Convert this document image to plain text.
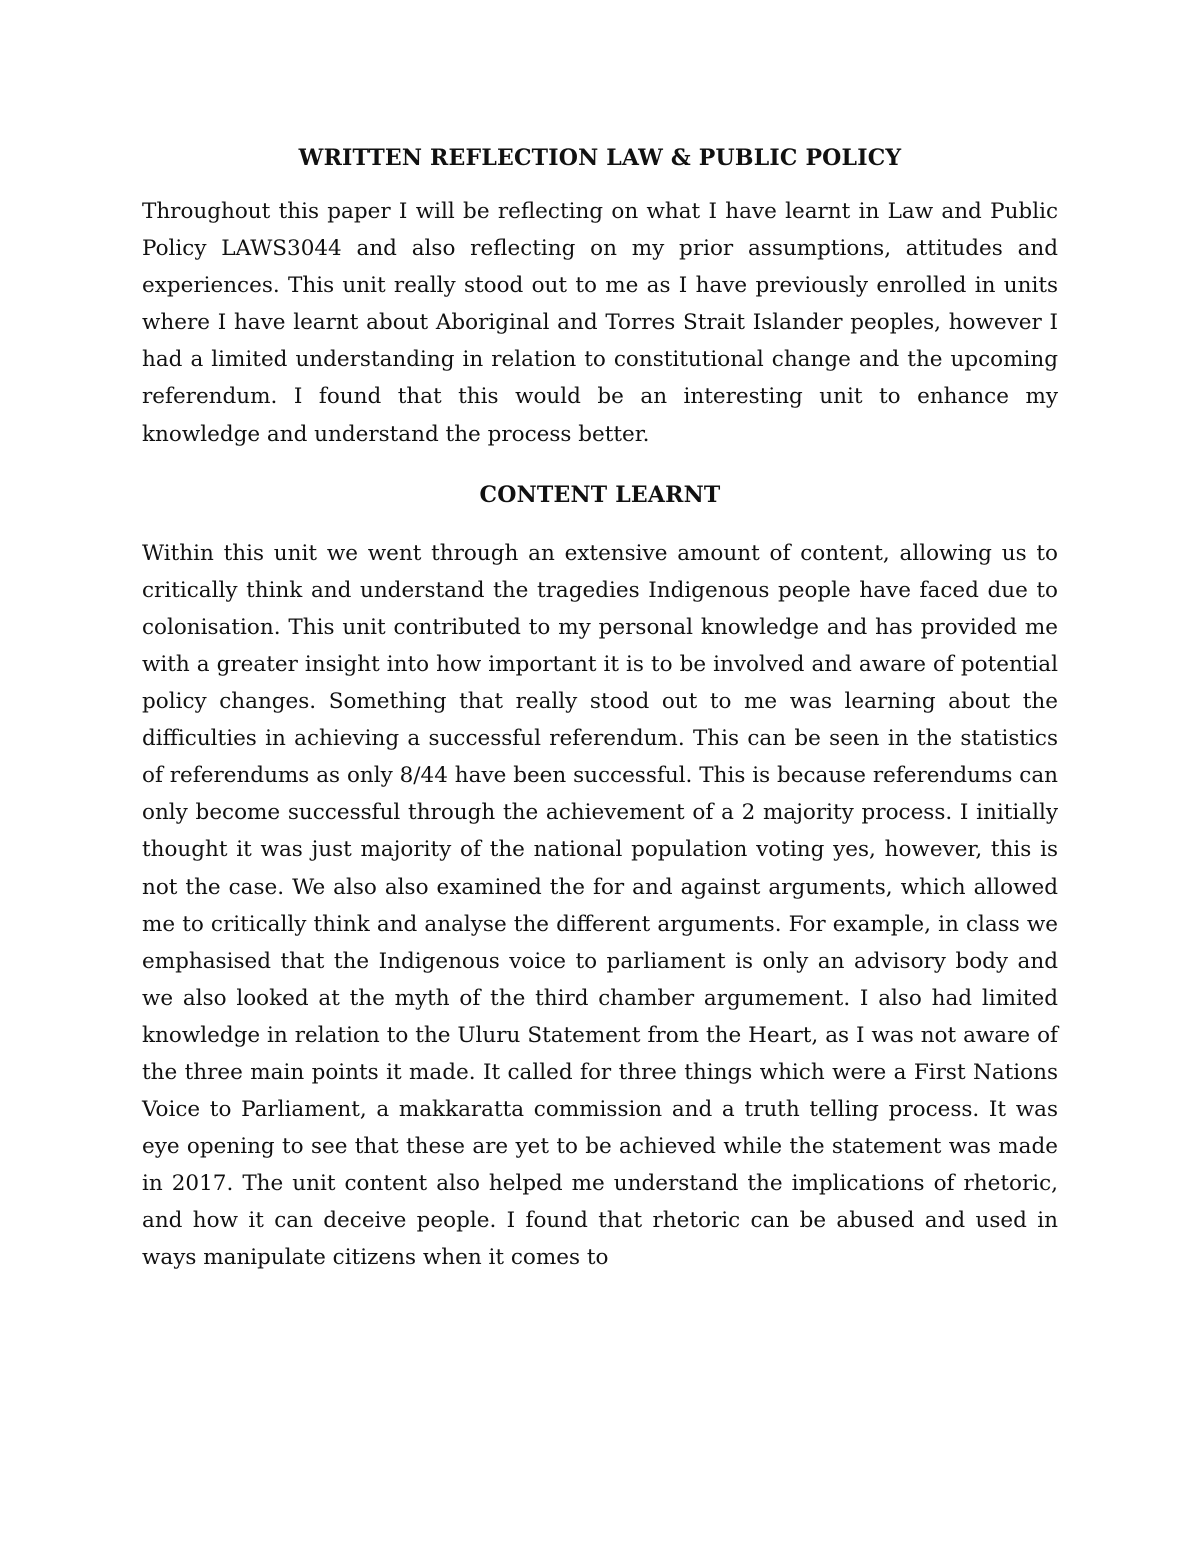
WRITTEN REFLECTION LAW & PUBLIC POLICY

Throughout this paper I will be reflecting on what I have learnt in Law and Public Policy LAWS3044 and also reflecting on my prior assumptions, attitudes and experiences. This unit really stood out to me as I have previously enrolled in units where I have learnt about Aboriginal and Torres Strait Islander peoples, however I had a limited understanding in relation to constitutional change and the upcoming referendum. I found that this would be an interesting unit to enhance my knowledge and understand the process better.

CONTENT LEARNT

Within this unit we went through an extensive amount of content, allowing us to critically think and understand the tragedies Indigenous people have faced due to colonisation. This unit contributed to my personal knowledge and has provided me with a greater insight into how important it is to be involved and aware of potential policy changes. Something that really stood out to me was learning about the difficulties in achieving a successful referendum. This can be seen in the statistics of referendums as only 8/44 have been successful. This is because referendums can only become successful through the achievement of a 2 majority process. I initially thought it was just majority of the national population voting yes, however, this is not the case. We also also examined the for and against arguments, which allowed me to critically think and analyse the different arguments. For example, in class we emphasised that the Indigenous voice to parliament is only an advisory body and we also looked at the myth of the third chamber argumement. I also had limited knowledge in relation to the Uluru Statement from the Heart, as I was not aware of the three main points it made. It called for three things which were a First Nations Voice to Parliament, a makkaratta commission and a truth telling process. It was eye opening to see that these are yet to be achieved while the statement was made in 2017. The unit content also helped me understand the implications of rhetoric, and how it can deceive people. I found that rhetoric can be abused and used in ways manipulate citizens when it comes to
